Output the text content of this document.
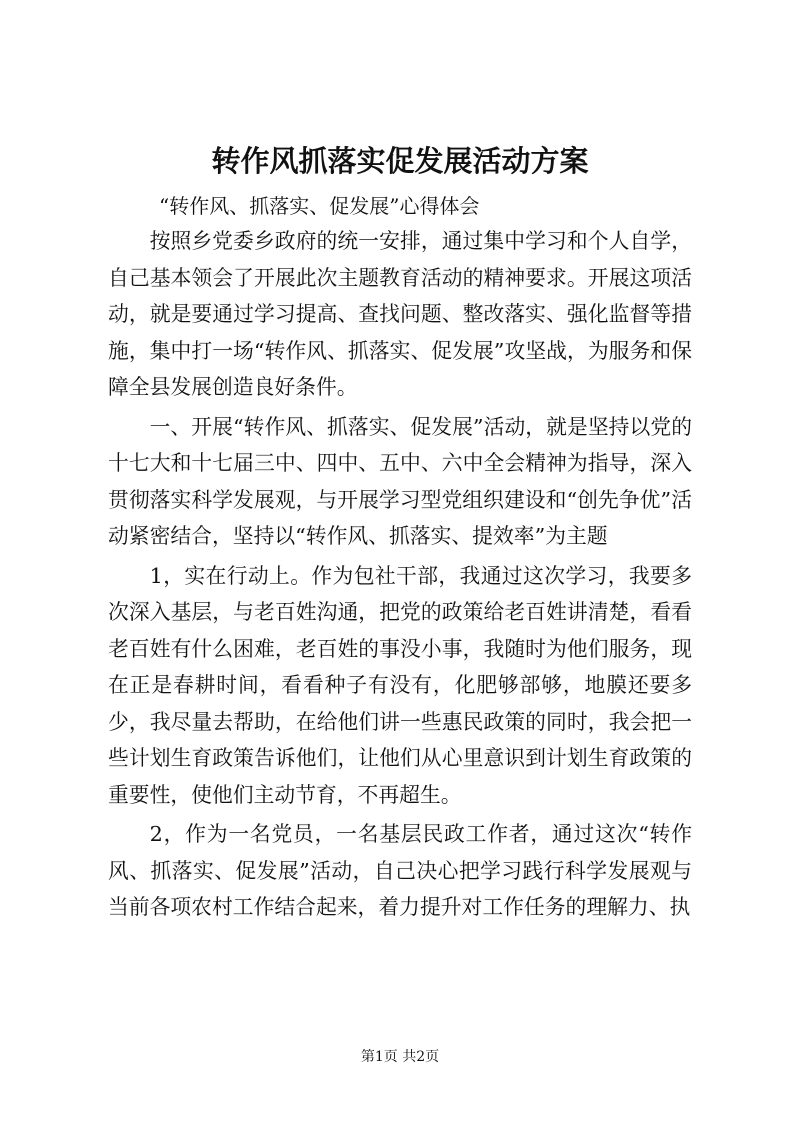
转作风抓落实促发展活动方案
“转作风、抓落实、促发展”心得体会

按照乡党委乡政府的统一安排，通过集中学习和个人自学，自己基本领会了开展此次主题教育活动的精神要求。开展这项活动，就是要通过学习提高、查找问题、整改落实、强化监督等措施，集中打一场“转作风、抓落实、促发展”攻坚战，为服务和保障全县发展创造良好条件。

一、开展“转作风、抓落实、促发展”活动，就是坚持以党的十七大和十七届三中、四中、五中、六中全会精神为指导，深入贯彻落实科学发展观，与开展学习型党组织建设和“创先争优”活动紧密结合，坚持以“转作风、抓落实、提效率”为主题

1，实在行动上。作为包社干部，我通过这次学习，我要多次深入基层，与老百姓沟通，把党的政策给老百姓讲清楚，看看老百姓有什么困难，老百姓的事没小事，我随时为他们服务，现在正是春耕时间，看看种子有没有，化肥够部够，地膜还要多少，我尽量去帮助，在给他们讲一些惠民政策的同时，我会把一些计划生育政策告诉他们，让他们从心里意识到计划生育政策的重要性，使他们主动节育，不再超生。

2，作为一名党员，一名基层民政工作者，通过这次“转作风、抓落实、促发展”活动，自己决心把学习践行科学发展观与当前各项农村工作结合起来，着力提升对工作任务的理解力、执

第1页 共2页
